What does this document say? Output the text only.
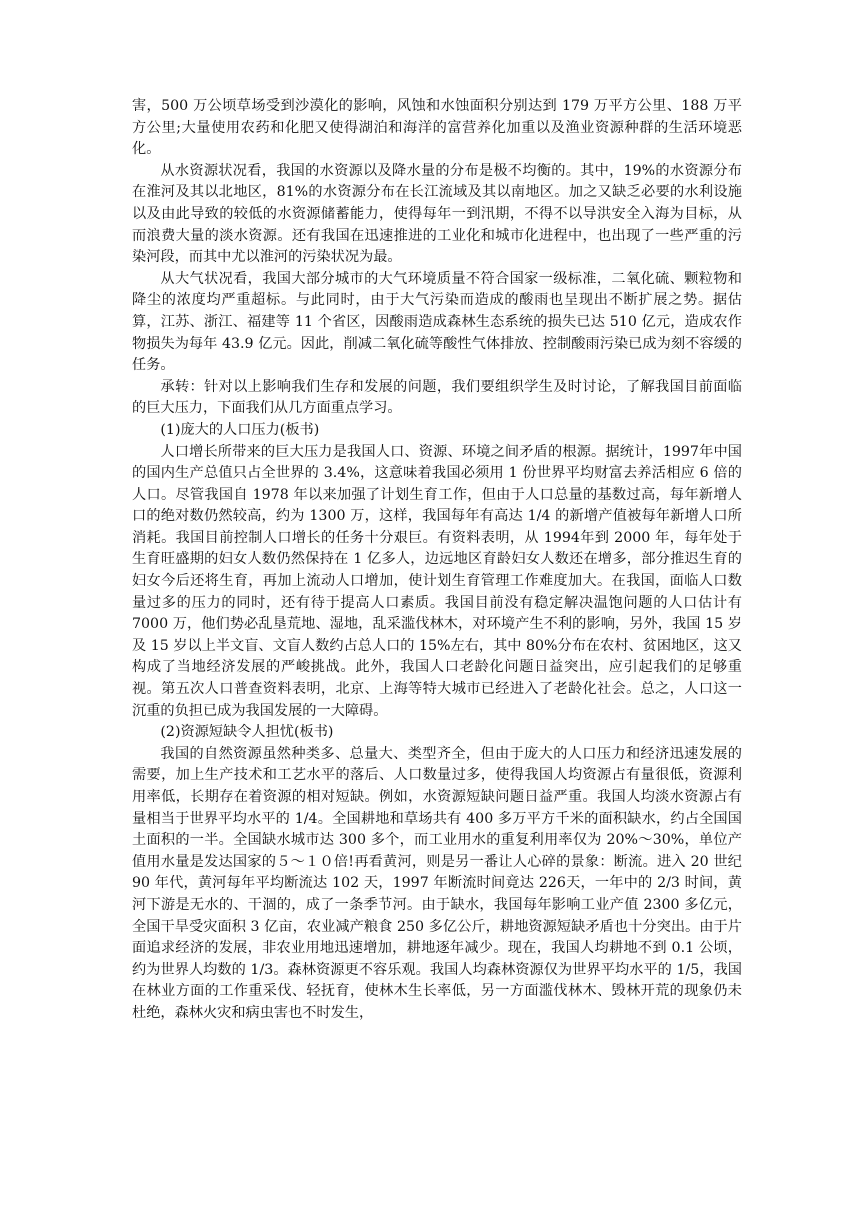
害，500 万公顷草场受到沙漠化的影响，风蚀和水蚀面积分别达到 179 万平方公里、188 万平方公里;大量使用农药和化肥又使得湖泊和海洋的富营养化加重以及渔业资源种群的生活环境恶化。

从水资源状况看，我国的水资源以及降水量的分布是极不均衡的。其中，19%的水资源分布在淮河及其以北地区，81%的水资源分布在长江流域及其以南地区。加之又缺乏必要的水利设施以及由此导致的较低的水资源储蓄能力，使得每年一到汛期，不得不以导洪安全入海为目标，从而浪费大量的淡水资源。还有我国在迅速推进的工业化和城市化进程中，也出现了一些严重的污染河段，而其中尤以淮河的污染状况为最。

从大气状况看，我国大部分城市的大气环境质量不符合国家一级标准，二氧化硫、颗粒物和降尘的浓度均严重超标。与此同时，由于大气污染而造成的酸雨也呈现出不断扩展之势。据估算，江苏、浙江、福建等 11 个省区，因酸雨造成森林生态系统的损失已达 510 亿元，造成农作物损失为每年 43.9 亿元。因此，削减二氧化硫等酸性气体排放、控制酸雨污染已成为刻不容缓的任务。

承转：针对以上影响我们生存和发展的问题，我们要组织学生及时讨论，了解我国目前面临的巨大压力，下面我们从几方面重点学习。

(1)庞大的人口压力(板书)

人口增长所带来的巨大压力是我国人口、资源、环境之间矛盾的根源。据统计，1997年中国的国内生产总值只占全世界的 3.4%，这意味着我国必须用 1 份世界平均财富去养活相应 6 倍的人口。尽管我国自 1978 年以来加强了计划生育工作，但由于人口总量的基数过高，每年新增人口的绝对数仍然较高，约为 1300 万，这样，我国每年有高达 1/4 的新增产值被每年新增人口所消耗。我国目前控制人口增长的任务十分艰巨。有资料表明，从 1994年到 2000 年，每年处于生育旺盛期的妇女人数仍然保持在 1 亿多人，边远地区育龄妇女人数还在增多，部分推迟生育的妇女今后还将生育，再加上流动人口增加，使计划生育管理工作难度加大。在我国，面临人口数量过多的压力的同时，还有待于提高人口素质。我国目前没有稳定解决温饱问题的人口估计有 7000 万，他们势必乱垦荒地、湿地，乱采滥伐林木，对环境产生不利的影响，另外，我国 15 岁及 15 岁以上半文盲、文盲人数约占总人口的 15%左右，其中 80%分布在农村、贫困地区，这又构成了当地经济发展的严峻挑战。此外，我国人口老龄化问题日益突出，应引起我们的足够重视。第五次人口普查资料表明，北京、上海等特大城市已经进入了老龄化社会。总之，人口这一沉重的负担已成为我国发展的一大障碍。

(2)资源短缺令人担忧(板书)

我国的自然资源虽然种类多、总量大、类型齐全，但由于庞大的人口压力和经济迅速发展的需要，加上生产技术和工艺水平的落后、人口数量过多，使得我国人均资源占有量很低，资源利用率低，长期存在着资源的相对短缺。例如，水资源短缺问题日益严重。我国人均淡水资源占有量相当于世界平均水平的 1/4。全国耕地和草场共有 400 多万平方千米的面积缺水，约占全国国土面积的一半。全国缺水城市达 300 多个，而工业用水的重复利用率仅为 20%～30%，单位产值用水量是发达国家的５～１０倍!再看黄河，则是另一番让人心碎的景象：断流。进入 20 世纪 90 年代，黄河每年平均断流达 102 天，1997 年断流时间竟达 226天，一年中的 2/3 时间，黄河下游是无水的、干涸的，成了一条季节河。由于缺水，我国每年影响工业产值 2300 多亿元，全国干旱受灾面积 3 亿亩，农业减产粮食 250 多亿公斤，耕地资源短缺矛盾也十分突出。由于片面追求经济的发展，非农业用地迅速增加，耕地逐年减少。现在，我国人均耕地不到 0.1 公顷，约为世界人均数的 1/3。森林资源更不容乐观。我国人均森林资源仅为世界平均水平的 1/5，我国在林业方面的工作重采伐、轻抚育，使林木生长率低，另一方面滥伐林木、毁林开荒的现象仍未杜绝，森林火灾和病虫害也不时发生，
